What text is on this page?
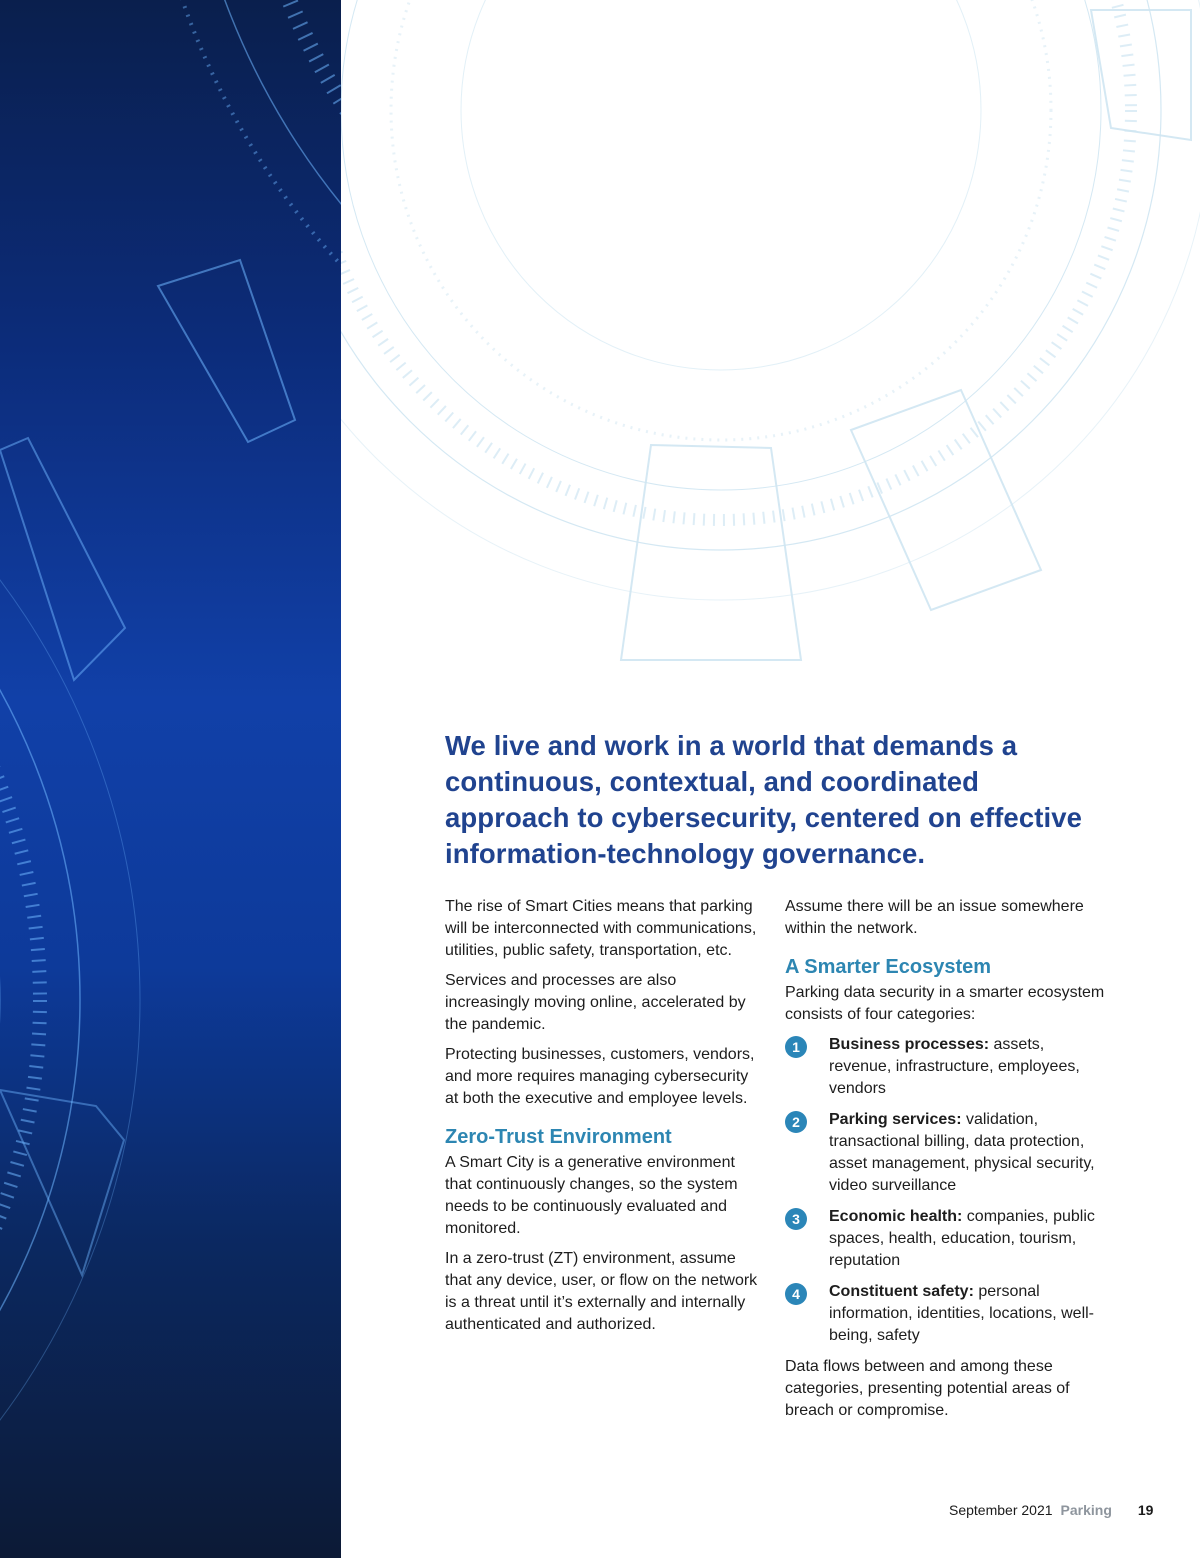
We live and work in a world that demands a continuous, contextual, and coordinated approach to cybersecurity, centered on effective information-technology governance.

The rise of Smart Cities means that parking will be interconnected with communications, utilities, public safety, transportation, etc.

Services and processes are also increasingly moving online, accelerated by the pandemic.

Protecting businesses, customers, vendors, and more requires managing cybersecurity at both the executive and employee levels.

Zero-Trust Environment

A Smart City is a generative environment that continuously changes, so the system needs to be continuously evaluated and monitored.

In a zero-trust (ZT) environment, assume that any device, user, or flow on the network is a threat until it’s externally and internally authenticated and authorized.

Assume there will be an issue somewhere within the network.

A Smarter Ecosystem

Parking data security in a smarter ecosystem consists of four categories:

1	Business processes: assets, revenue, infrastructure, employees, vendors
2	Parking services: validation, transactional billing, data protection, asset management, physical security, video surveillance
3	Economic health: companies, public spaces, health, education, tourism, reputation
4	Constituent safety: personal information, identities, locations, well-being, safety

Data flows between and among these categories, presenting potential areas of breach or compromise.

September 2021 Parking 19
